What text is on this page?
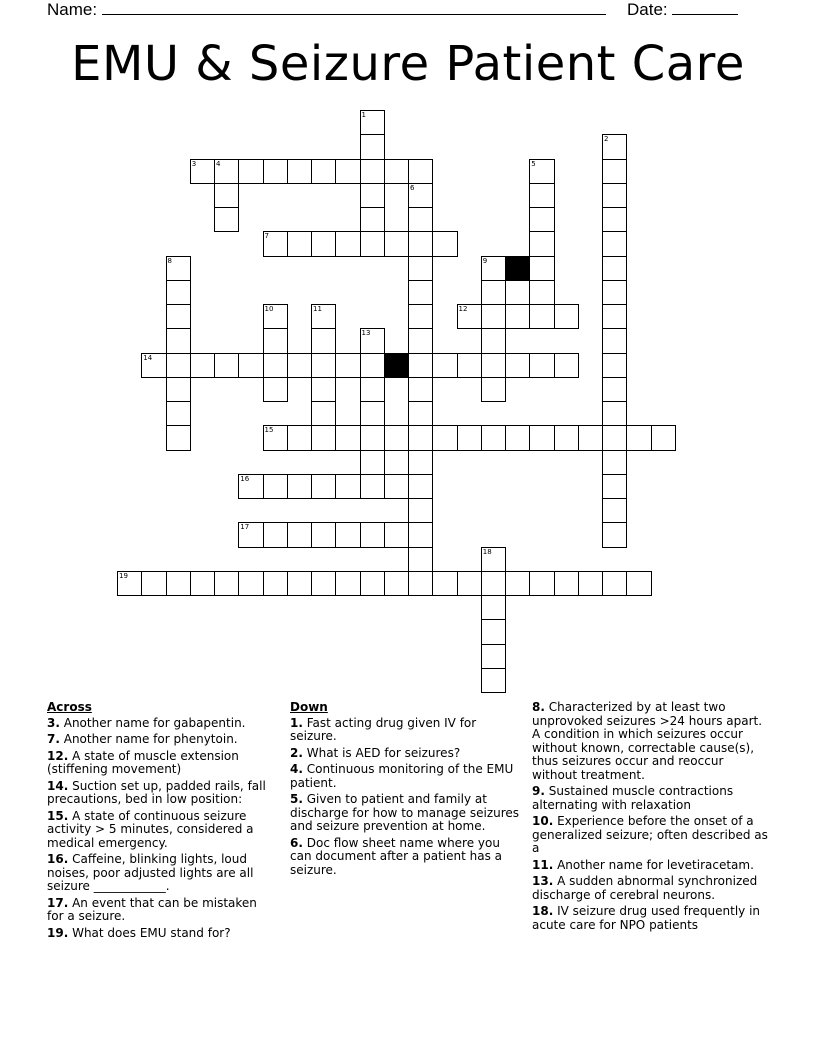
Name:	Date:
EMU & Seizure Patient Care
3	4
7
12
14
15
16
17
19
1
2
5
6
8	9
10	11
13
18
Across
3. Another name for gabapentin.
7. Another name for phenytoin.
12. A state of muscle extension (stiffening movement)
14. Suction set up, padded rails, fall precautions, bed in low position:
15. A state of continuous seizure activity > 5 minutes, considered a medical emergency.
16. Caffeine, blinking lights, loud noises, poor adjusted lights are all seizure ____________.
17. An event that can be mistaken for a seizure.
19. What does EMU stand for?
Down
1. Fast acting drug given IV for seizure.
2. What is AED for seizures?
4. Continuous monitoring of the EMU patient.
5. Given to patient and family at discharge for how to manage seizures and seizure prevention at home.
6. Doc flow sheet name where you can document after a patient has a seizure.
8. Characterized by at least two unprovoked seizures >24 hours apart. A condition in which seizures occur without known, correctable cause(s), thus seizures occur and reoccur without treatment.
9. Sustained muscle contractions alternating with relaxation
10. Experience before the onset of a generalized seizure; often described as a
11. Another name for levetiracetam.
13. A sudden abnormal synchronized discharge of cerebral neurons.
18. IV seizure drug used frequently in acute care for NPO patients
